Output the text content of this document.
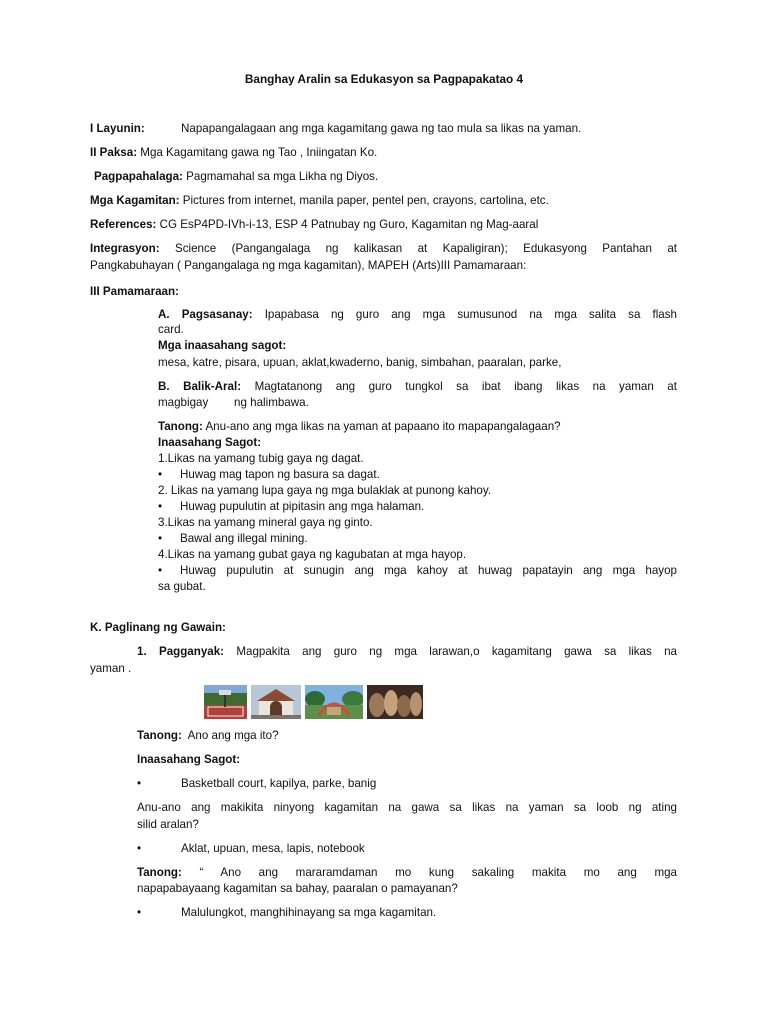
Banghay Aralin sa Edukasyon sa Pagpapakatao 4
I Layunin:	Napapangalagaan ang mga kagamitang gawa ng tao mula sa likas na yaman.
II Paksa: Mga Kagamitang gawa ng Tao , Iniingatan Ko.
Pagpapahalaga: Pagmamahal sa mga Likha ng Diyos.
Mga Kagamitan: Pictures from internet, manila paper, pentel pen, crayons, cartolina, etc.
References: CG EsP4PD-IVh-i-13, ESP 4 Patnubay ng Guro, Kagamitan ng Mag-aaral
Integrasyon: Science (Pangangalaga ng kalikasan at Kapaligiran); Edukasyong Pantahan at
Pangkabuhayan ( Pangangalaga ng mga kagamitan), MAPEH (Arts)III Pamamaraan:
III Pamamaraan:
A. Pagsasanay: Ipapabasa ng guro ang mga sumusunod na mga salita sa flash
card.
Mga inaasahang sagot:
mesa, katre, pisara, upuan, aklat,kwaderno, banig, simbahan, paaralan, parke,
B. Balik-Aral: Magtatanong ang guro tungkol sa ibat ibang likas na yaman at
magbigay        ng halimbawa.
Tanong: Anu-ano ang mga likas na yaman at papaano ito mapapangalagaan?
Inaasahang Sagot:
1.Likas na yamang tubig gaya ng dagat.
•	Huwag mag tapon ng basura sa dagat.
2. Likas na yamang lupa gaya ng mga bulaklak at punong kahoy.
•	Huwag pupulutin at pipitasin ang mga halaman.
3.Likas na yamang mineral gaya ng ginto.
•	Bawal ang illegal mining.
4.Likas na yamang gubat gaya ng kagubatan at mga hayop.
•	Huwag pupulutin at sunugin ang mga kahoy at huwag papatayin ang mga hayop
sa gubat.
K. Paglinang ng Gawain:
1. Pagganyak: Magpakita ang guro ng mga larawan,o kagamitang gawa sa likas na
yaman .
Tanong:  Ano ang mga ito?
Inaasahang Sagot:
•	Basketball court, kapilya, parke, banig
Anu-ano ang makikita ninyong kagamitan na gawa sa likas na yaman sa loob ng ating
silid aralan?
•	Aklat, upuan, mesa, lapis, notebook
Tanong: “ Ano ang mararamdaman mo kung sakaling makita mo ang mga
napapabayaang kagamitan sa bahay, paaralan o pamayanan?
•	Malulungkot, manghihinayang sa mga kagamitan.
